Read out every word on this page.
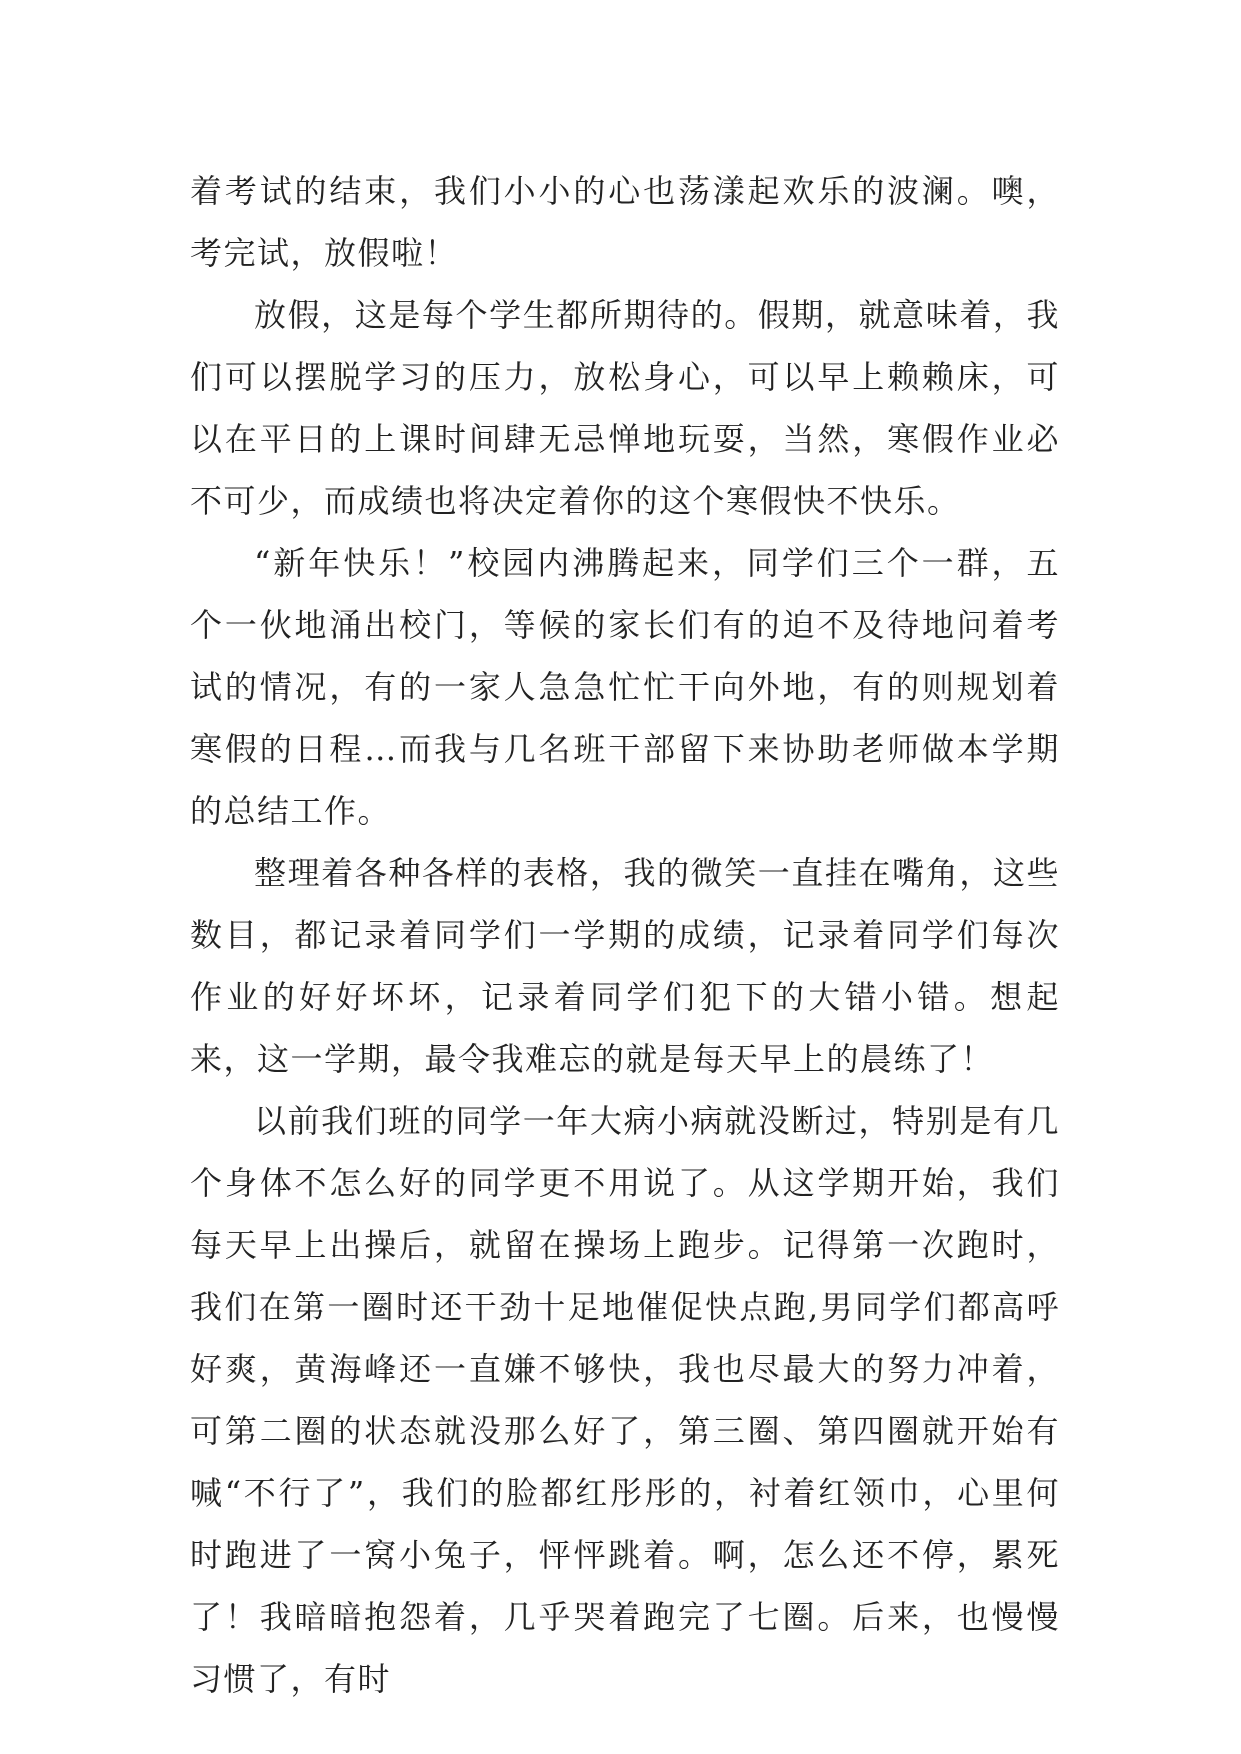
着考试的结束，我们小小的心也荡漾起欢乐的波澜。噢，考完试，放假啦！

放假，这是每个学生都所期待的。假期，就意味着，我们可以摆脱学习的压力，放松身心，可以早上赖赖床，可以在平日的上课时间肆无忌惮地玩耍，当然，寒假作业必不可少，而成绩也将决定着你的这个寒假快不快乐。

“新年快乐！”校园内沸腾起来，同学们三个一群，五个一伙地涌出校门，等候的家长们有的迫不及待地问着考试的情况，有的一家人急急忙忙干向外地，有的则规划着寒假的日程…而我与几名班干部留下来协助老师做本学期的总结工作。

整理着各种各样的表格，我的微笑一直挂在嘴角，这些数目，都记录着同学们一学期的成绩，记录着同学们每次作业的好好坏坏，记录着同学们犯下的大错小错。想起来，这一学期，最令我难忘的就是每天早上的晨练了！

以前我们班的同学一年大病小病就没断过，特别是有几个身体不怎么好的同学更不用说了。从这学期开始，我们每天早上出操后，就留在操场上跑步。记得第一次跑时，我们在第一圈时还干劲十足地催促快点跑,男同学们都高呼好爽，黄海峰还一直嫌不够快，我也尽最大的努力冲着，可第二圈的状态就没那么好了，第三圈、第四圈就开始有喊“不行了”，我们的脸都红彤彤的，衬着红领巾，心里何时跑进了一窝小兔子，怦怦跳着。啊，怎么还不停，累死了！我暗暗抱怨着，几乎哭着跑完了七圈。后来，也慢慢习惯了，有时
